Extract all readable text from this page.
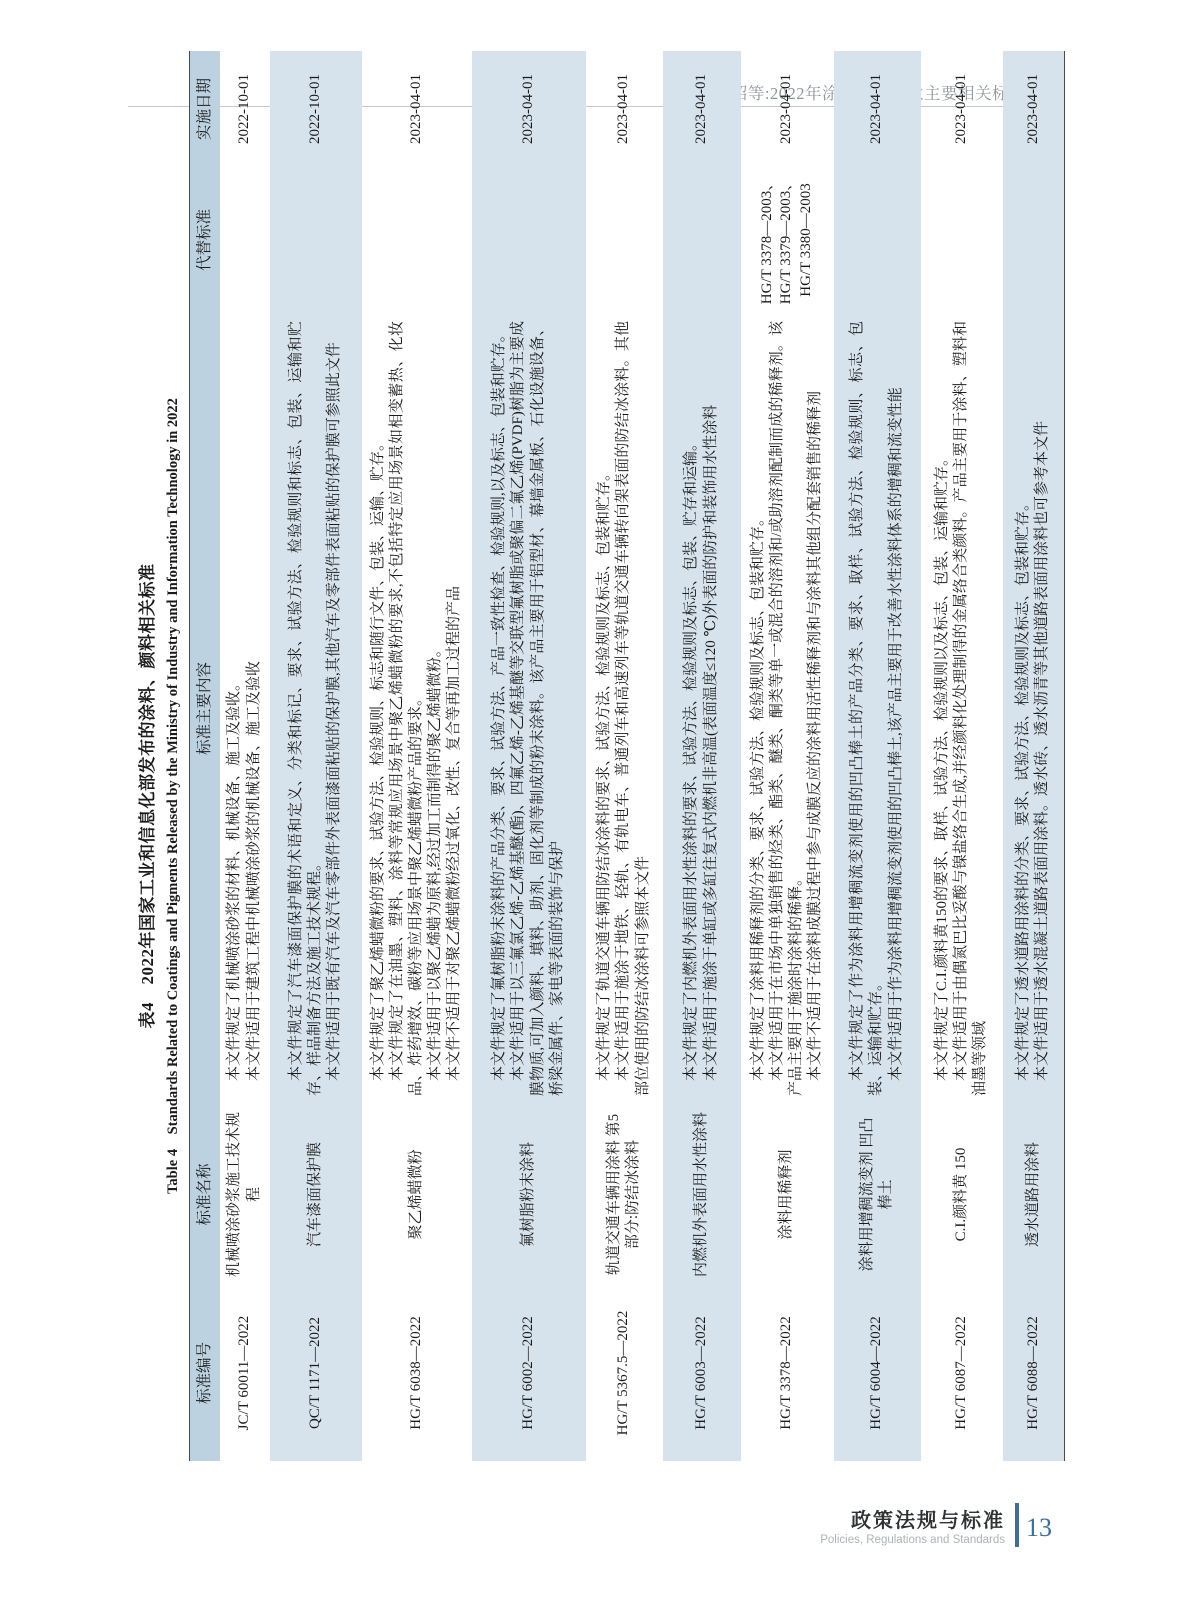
表4　2022年国家工业和信息化部发布的涂料、颜料相关标准 Table 4　Standards Related to Coatings and Pigments Released by the Ministry of Industry and Information Technology in 2022
标准编号	标准名称	标准主要内容	代替标准	实施日期
JC/T 60011—2022	机械喷涂砂浆施工技术规程	本文件规定了机械喷涂砂浆的材料、机械设备、施工及验收。 本文件适用于建筑工程中机械喷涂砂浆的机械设备、施工及验收		2022-10-01
QC/T 1171—2022	汽车漆面保护膜	本文件规定了汽车漆面保护膜的术语和定义、分类和标记、要求、试验方法、检验规则和标志、包装、运输和贮存、样品制备方法及施工技术规程。 本文件适用于既有汽车及汽车零部件外表面漆面粘贴的保护膜,其他汽车及零部件表面粘贴的保护膜可参照此文件		2022-10-01
HG/T 6038—2022	聚乙烯蜡微粉	本文件规定了聚乙烯蜡微粉的要求、试验方法、检验规则、标志和随行文件、包装、运输、贮存。 本文件规定了在油墨、塑料、涂料等常规应用场景中聚乙烯蜡微粉的要求,不包括特定应用场景如相变蓄热、化妆品、炸药增效、碳粉等应用场景中聚乙烯蜡微粉产品的要求。 本文件适用于以聚乙烯蜡为原料,经过加工而制得的聚乙烯蜡微粉。 本文件不适用于对聚乙烯蜡微粉经过氧化、改性、复合等再加工过程的产品		2023-04-01
HG/T 6002—2022	氟树脂粉末涂料	本文件规定了氟树脂粉末涂料的产品分类、要求、试验方法、产品一致性检查、检验规则,以及标志、包装和贮存。 本文件适用于以三氟氯乙烯-乙烯基醚(酯)、四氟乙烯-乙烯基醚等交联型氟树脂或聚偏二氟乙烯(PVDF)树脂为主要成膜物质,可加入颜料、填料、助剂、固化剂等制成的粉末涂料。该产品主要用于铝型材、幕墙金属板、石化设施设备、桥梁金属件、家电等表面的装饰与保护		2023-04-01
HG/T 5367.5—2022	轨道交通车辆用涂料 第5部分:防结冰涂料	本文件规定了轨道交通车辆用防结冰涂料的要求、试验方法、检验规则及标志、包装和贮存。 本文件适用于施涂于地铁、轻轨、有轨电车、普通列车和高速列车等轨道交通车辆转向架表面的防结冰涂料。其他部位使用的防结冰涂料可参照本文件		2023-04-01
HG/T 6003—2022	内燃机外表面用水性涂料	本文件规定了内燃机外表面用水性涂料的要求、试验方法、检验规则及标志、包装、贮存和运输。 本文件适用于施涂于单缸或多缸往复式内燃机非高温(表面温度≤120 ℃)外表面的防护和装饰用水性涂料		2023-04-01
HG/T 3378—2022	涂料用稀释剂	本文件规定了涂料用稀释剂的分类、要求、试验方法、检验规则及标志、包装和贮存。 本文件适用于在市场中单独销售的烃类、酯类、醚类、酮类等单一或混合的溶剂和/或助溶剂配制而成的稀释剂。该产品主要用于施涂时涂料的稀释。 本文件不适用于在涂料成膜过程中参与成膜反应的涂料用活性稀释剂和与涂料其他组分配套销售的稀释剂	HG/T 3378—2003、HG/T 3379—2003、HG/T 3380—2003	2023-04-01
HG/T 6004—2022	涂料用增稠流变剂 凹凸棒土	本文件规定了作为涂料用增稠流变剂使用的凹凸棒土的产品分类、要求、取样、试验方法、检验规则、标志、包装、运输和贮存。 本文件适用于作为涂料用增稠流变剂使用的凹凸棒土,该产品主要用于改善水性涂料体系的增稠和流变性能		2023-04-01
HG/T 6087—2022	C.I.颜料黄 150	本文件规定了C.I.颜料黄150的要求、取样、试验方法、检验规则以及标志、包装、运输和贮存。 本文件适用于由偶氮巴比妥酸与镍盐络合生成,并经颜料化处理制得的金属络合类颜料。产品主要用于涂料、塑料和油墨等领域		2023-04-01
HG/T 6088—2022	透水道路用涂料	本文件规定了透水道路用涂料的分类、要求、试验方法、检验规则及标志、包装和贮存。 本文件适用于透水混凝土道路表面用涂料。透水砖、透水沥青等其他道路表面用涂料也可参考本文件		2023-04-01
政策法规与标准
Policies, Regulations and Standards 13
